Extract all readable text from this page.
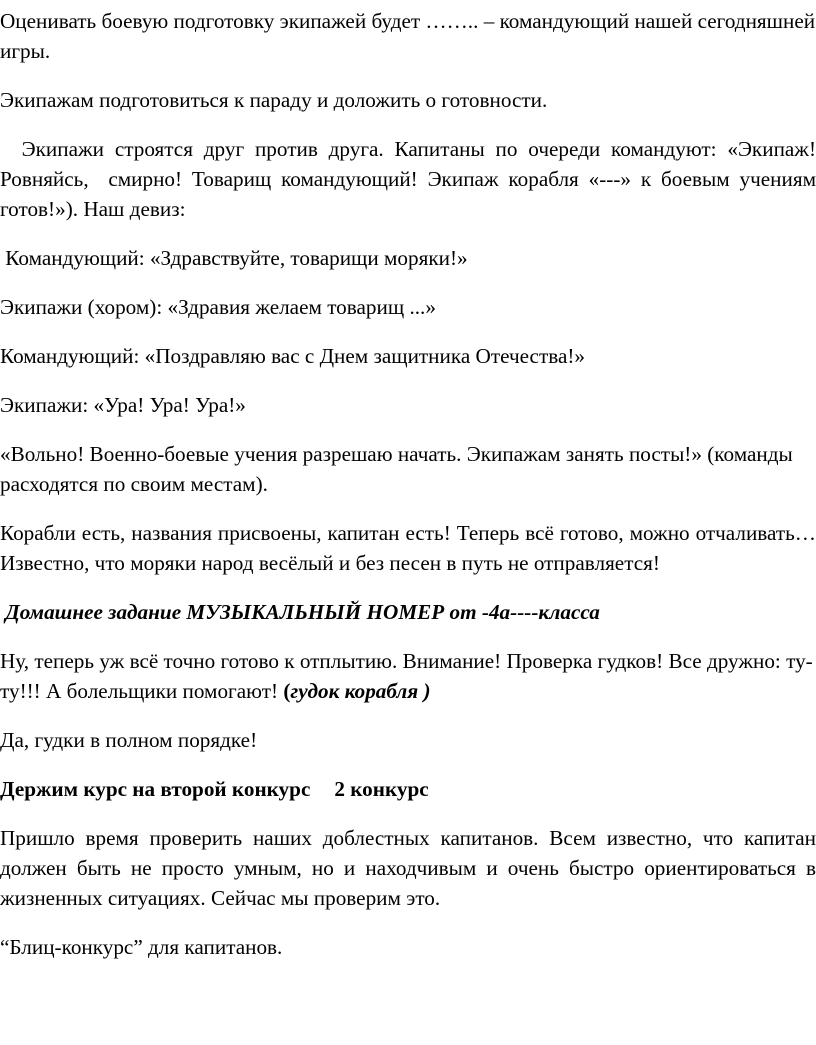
Оценивать боевую подготовку экипажей будет …….. – командующий нашей сегодняшней игры.

Экипажам подготовиться к параду и доложить о готовности.

Экипажи строятся друг против друга. Капитаны по очереди командуют: «Экипаж!  Ровняйсь,  смирно! Товарищ командующий! Экипаж корабля «---» к боевым учениям готов!»). Наш девиз:

Командующий: «Здравствуйте, товарищи моряки!»

Экипажи (хором): «Здравия желаем товарищ ...»

Командующий: «Поздравляю вас с Днем защитника Отечества!»

Экипажи: «Ура! Ура! Ура!»

«Вольно! Военно-боевые учения разрешаю начать. Экипажам занять посты!» (команды расходятся по своим местам).

Корабли есть, названия присвоены, капитан есть! Теперь всё готово, можно отчаливать…Известно, что моряки народ весёлый и без песен в путь не отправляется!

Домашнее задание МУЗЫКАЛЬНЫЙ НОМЕР от -4а----класса

Ну, теперь уж всё точно готово к отплытию. Внимание! Проверка гудков! Все дружно: ту-ту!!! А болельщики помогают! (гудок корабля )

Да, гудки в полном порядке!

Держим курс на второй конкурс 2 конкурс

Пришло время проверить наших доблестных капитанов. Всем известно, что капитан должен быть не просто умным, но и находчивым и очень быстро ориентироваться в жизненных ситуациях. Сейчас мы проверим это.

“Блиц-конкурс” для капитанов.
